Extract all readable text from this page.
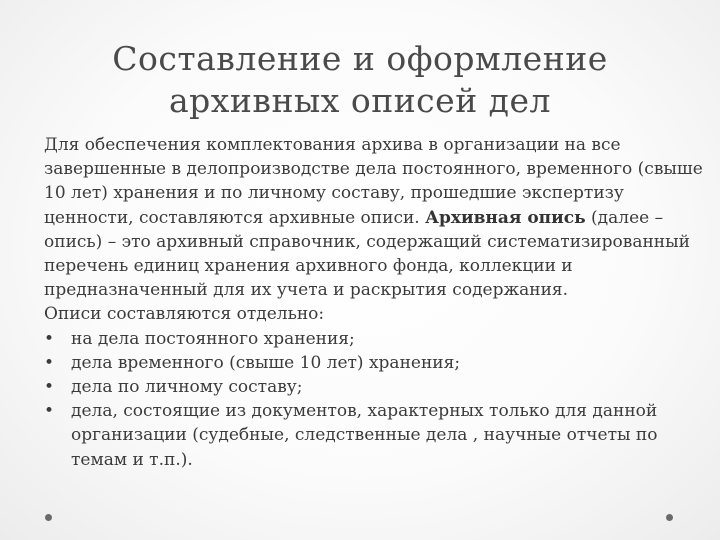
Составление и оформление
архивных описей дел

Для обеспечения комплектования архива в организации на все завершенные в делопроизводстве дела постоянного, временного (свыше 10 лет) хранения и по личному составу, прошедшие экспертизу ценности, составляются архивные описи. Архивная опись (далее – опись) – это архивный справочник, содержащий систематизированный перечень единиц хранения архивного фонда, коллекции и предназначенный для их учета и раскрытия содержания.

Описи составляются отдельно:

• на дела постоянного хранения;
• дела временного (свыше 10 лет) хранения;
• дела по личному составу;
• дела, состоящие из документов, характерных только для данной организации (судебные, следственные дела , научные отчеты по темам и т.п.).
